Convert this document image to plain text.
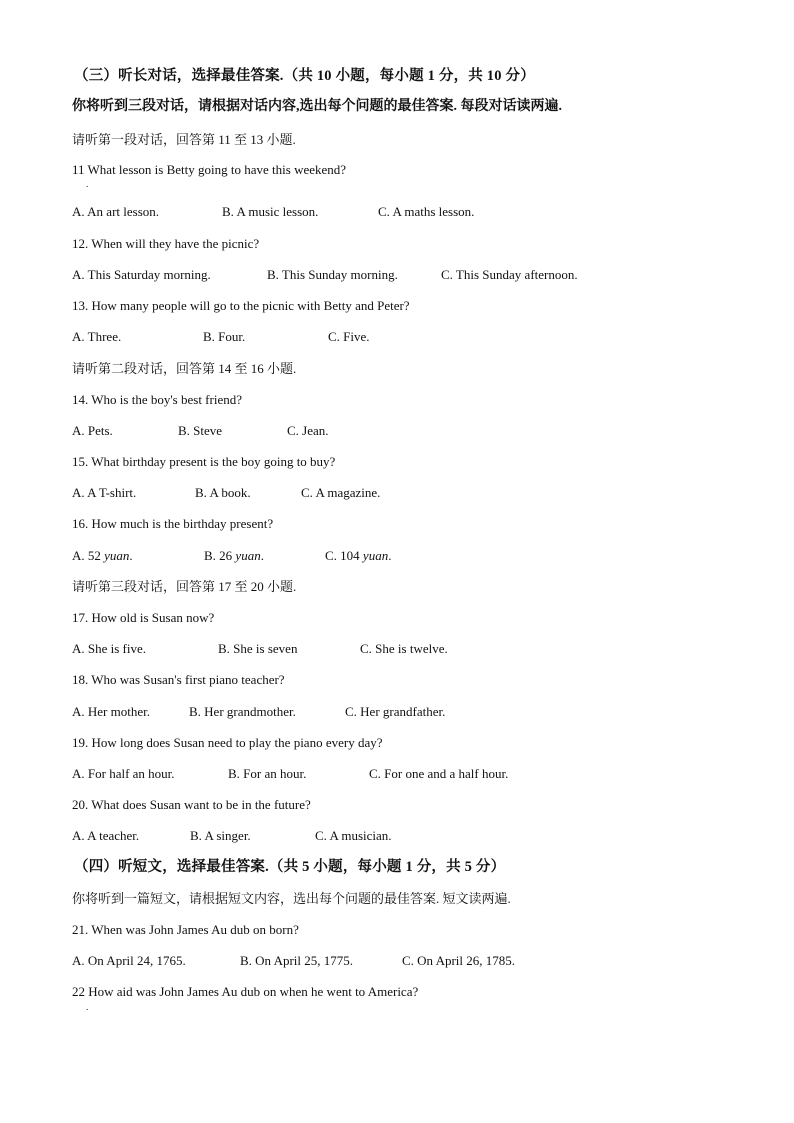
（三）听长对话，选择最佳答案.（共 10 小题，每小题 1 分，共 10 分）
你将听到三段对话，请根据对话内容,选出每个问题的最佳答案. 每段对话读两遍.
请听第一段对话，回答第 11 至 13 小题.
11 What lesson is Betty going to have this weekend?
.
A. An art lesson.	B. A music lesson.	C. A maths lesson.
12. When will they have the picnic?
A. This Saturday morning.	B. This Sunday morning.	C. This Sunday afternoon.
13. How many people will go to the picnic with Betty and Peter?
A. Three.	B. Four.	C. Five.
请听第二段对话，回答第 14 至 16 小题.
14. Who is the boy's best friend?
A. Pets.	B. Steve	C. Jean.
15. What birthday present is the boy going to buy?
A. A T-shirt.	B. A book.	C. A magazine.
16. How much is the birthday present?
A. 52 yuan.	B. 26 yuan.	C. 104 yuan.
请听第三段对话，回答第 17 至 20 小题.
17. How old is Susan now?
A. She is five.	B. She is seven	C. She is twelve.
18. Who was Susan's first piano teacher?
A. Her mother.	B. Her grandmother.	C. Her grandfather.
19. How long does Susan need to play the piano every day?
A. For half an hour.	B. For an hour.	C. For one and a half hour.
20. What does Susan want to be in the future?
A. A teacher.	B. A singer.	C. A musician.
（四）听短文，选择最佳答案.（共 5 小题，每小题 1 分，共 5 分）
你将听到一篇短文，请根据短文内容，选出每个问题的最佳答案. 短文读两遍.
21. When was John James Au dub on born?
A. On April 24, 1765.	B. On April 25, 1775.	C. On April 26, 1785.
22 How aid was John James Au dub on when he went to America?
.
